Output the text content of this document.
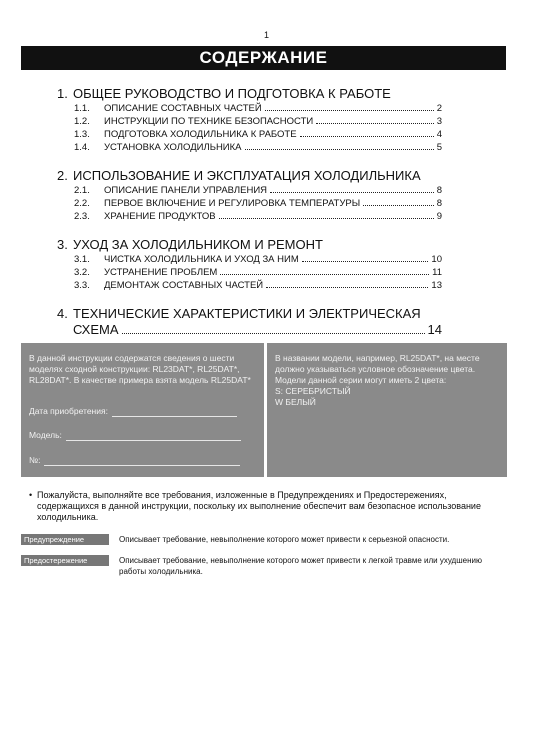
1
СОДЕРЖАНИЕ
1. ОБЩЕЕ РУКОВОДСТВО И ПОДГОТОВКА К РАБОТЕ
1.1.	ОПИСАНИЕ СОСТАВНЫХ ЧАСТЕЙ	2
1.2.	ИНСТРУКЦИИ ПО ТЕХНИКЕ БЕЗОПАСНОСТИ	3
1.3.	ПОДГОТОВКА ХОЛОДИЛЬНИКА К РАБОТЕ	4
1.4.	УСТАНОВКА ХОЛОДИЛЬНИКА	5
2. ИСПОЛЬЗОВАНИЕ И ЭКСПЛУАТАЦИЯ ХОЛОДИЛЬНИКА
2.1.	ОПИСАНИЕ ПАНЕЛИ УПРАВЛЕНИЯ	8
2.2.	ПЕРВОЕ ВКЛЮЧЕНИЕ И РЕГУЛИРОВКА ТЕМПЕРАТУРЫ	8
2.3.	ХРАНЕНИЕ ПРОДУКТОВ	9
3. УХОД ЗА ХОЛОДИЛЬНИКОМ И РЕМОНТ
3.1.	ЧИСТКА ХОЛОДИЛЬНИКА И УХОД ЗА НИМ	10
3.2.	УСТРАНЕНИЕ ПРОБЛЕМ	11
3.3.	ДЕМОНТАЖ СОСТАВНЫХ ЧАСТЕЙ	13
4. ТЕХНИЧЕСКИЕ ХАРАКТЕРИСТИКИ И ЭЛЕКТРИЧЕСКАЯ
СХЕМА	14
В данной инструкции содержатся сведения о шести моделях сходной конструкции: RL23DAT*, RL25DAT*, RL28DAT*. В качестве примера взята модель RL25DAT*
Дата приобретения:
Модель:
№:
В названии модели, например, RL25DAT*, на месте должно указываться условное обозначение цвета. Модели данной серии могут иметь 2 цвета:
S: СЕРЕБРИСТЫЙ
W БЕЛЫЙ
• Пожалуйста, выполняйте все требования, изложенные в Предупреждениях и Предостережениях, содержащихся в данной инструкции, поскольку их выполнение обеспечит вам безопасное использование холодильника.
Предупреждение	Описывает требование, невыполнение которого может привести к серьезной опасности.
Предостережение	Описывает требование, невыполнение которого может привести к легкой травме или ухудшению работы холодильника.
